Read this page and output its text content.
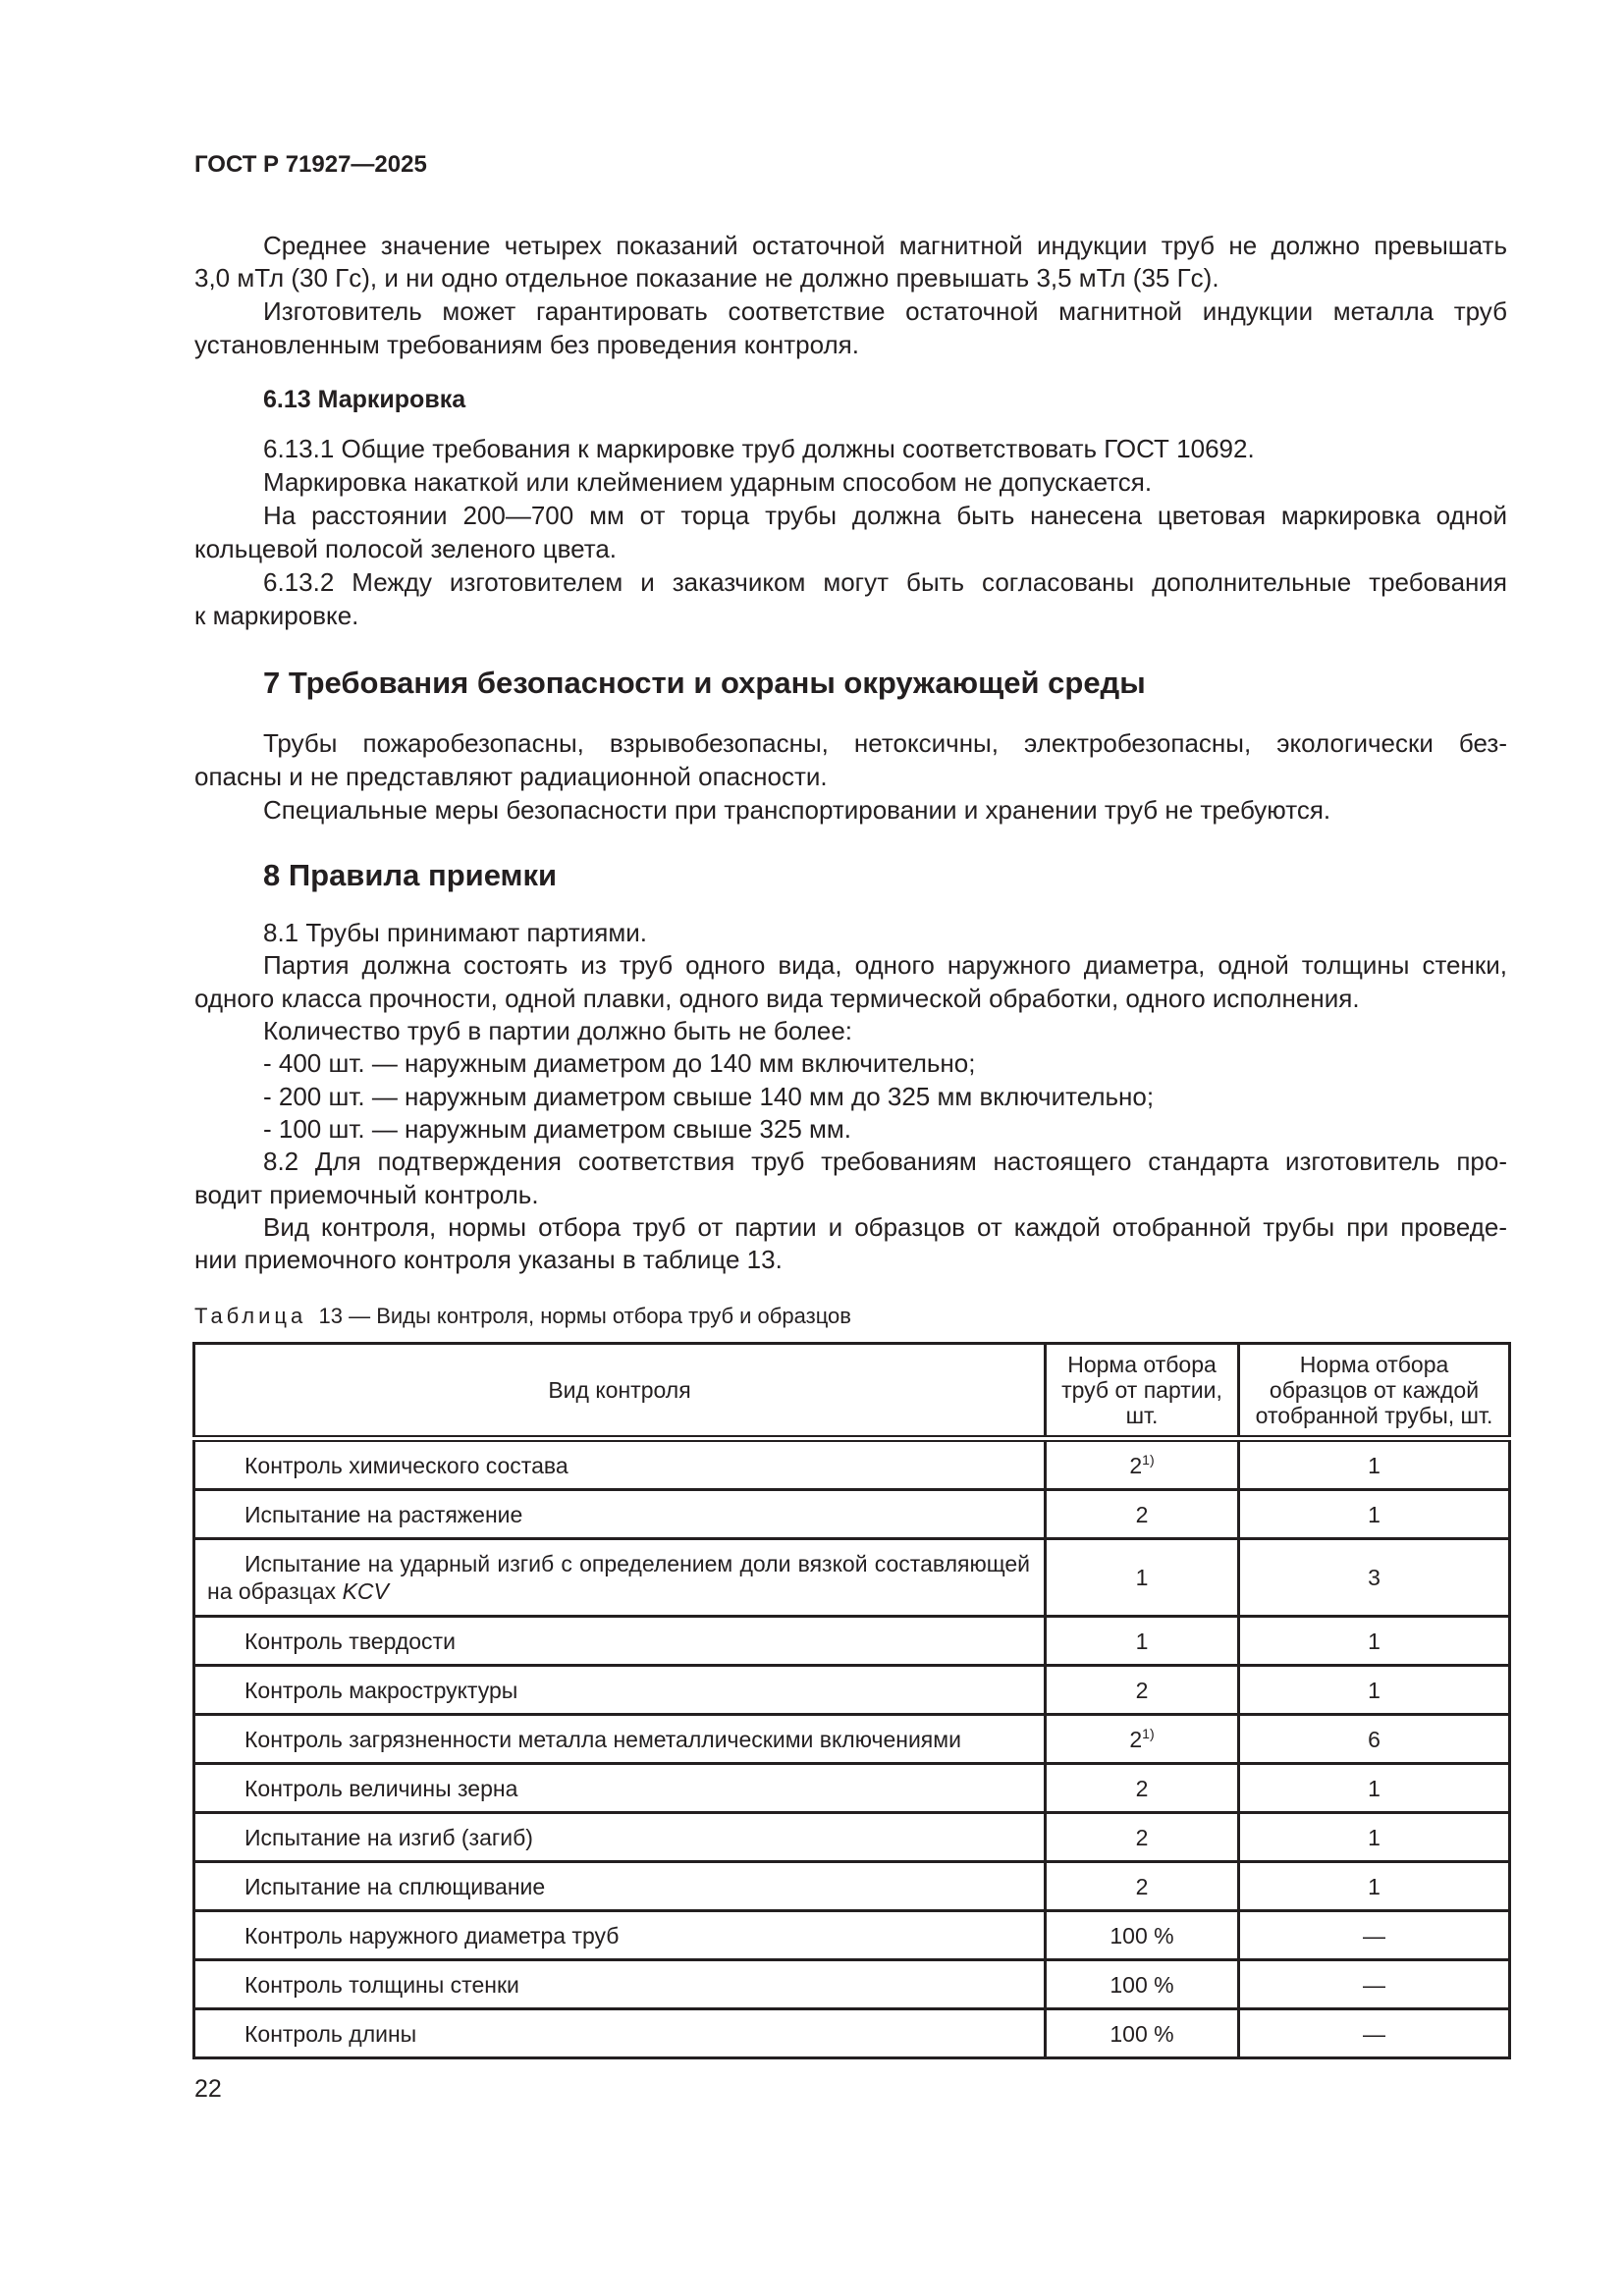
ГОСТ Р 71927—2025
Среднее значение четырех показаний остаточной магнитной индукции труб не должно превышать
3,0 мТл (30 Гс), и ни одно отдельное показание не должно превышать 3,5 мТл (35 Гс).
Изготовитель может гарантировать соответствие остаточной магнитной индукции металла труб
установленным требованиям без проведения контроля.
6.13 Маркировка
6.13.1 Общие требования к маркировке труб должны соответствовать ГОСТ 10692.
Маркировка накаткой или клеймением ударным способом не допускается.
На расстоянии 200—700 мм от торца трубы должна быть нанесена цветовая маркировка одной
кольцевой полосой зеленого цвета.
6.13.2 Между изготовителем и заказчиком могут быть согласованы дополнительные требования
к маркировке.
7 Требования безопасности и охраны окружающей среды
Трубы пожаробезопасны, взрывобезопасны, нетоксичны, электробезопасны, экологически без-
опасны и не представляют радиационной опасности.
Специальные меры безопасности при транспортировании и хранении труб не требуются.
8 Правила приемки
8.1 Трубы принимают партиями.
Партия должна состоять из труб одного вида, одного наружного диаметра, одной толщины стенки,
одного класса прочности, одной плавки, одного вида термической обработки, одного исполнения.
Количество труб в партии должно быть не более:
- 400 шт. — наружным диаметром до 140 мм включительно;
- 200 шт. — наружным диаметром свыше 140 мм до 325 мм включительно;
- 100 шт. — наружным диаметром свыше 325 мм.
8.2 Для подтверждения соответствия труб требованиям настоящего стандарта изготовитель про-
водит приемочный контроль.
Вид контроля, нормы отбора труб от партии и образцов от каждой отобранной трубы при проведе-
нии приемочного контроля указаны в таблице 13.
Таблица 13 — Виды контроля, нормы отбора труб и образцов
Вид контроля	Норма отбора труб от партии, шт.	Норма отбора образцов от каждой отобранной трубы, шт.
Контроль химического состава	2$^{1)}$	1
Испытание на растяжение	2	1
Испытание на ударный изгиб с определением доли вязкой составляющей на образцах KCV	1	3
Контроль твердости	1	1
Контроль макроструктуры	2	1
Контроль загрязненности металла неметаллическими включениями	2$^{1)}$	6
Контроль величины зерна	2	1
Испытание на изгиб (загиб)	2	1
Испытание на сплющивание	2	1
Контроль наружного диаметра труб	100 %	—
Контроль толщины стенки	100 %	—
Контроль длины	100 %	—
22
